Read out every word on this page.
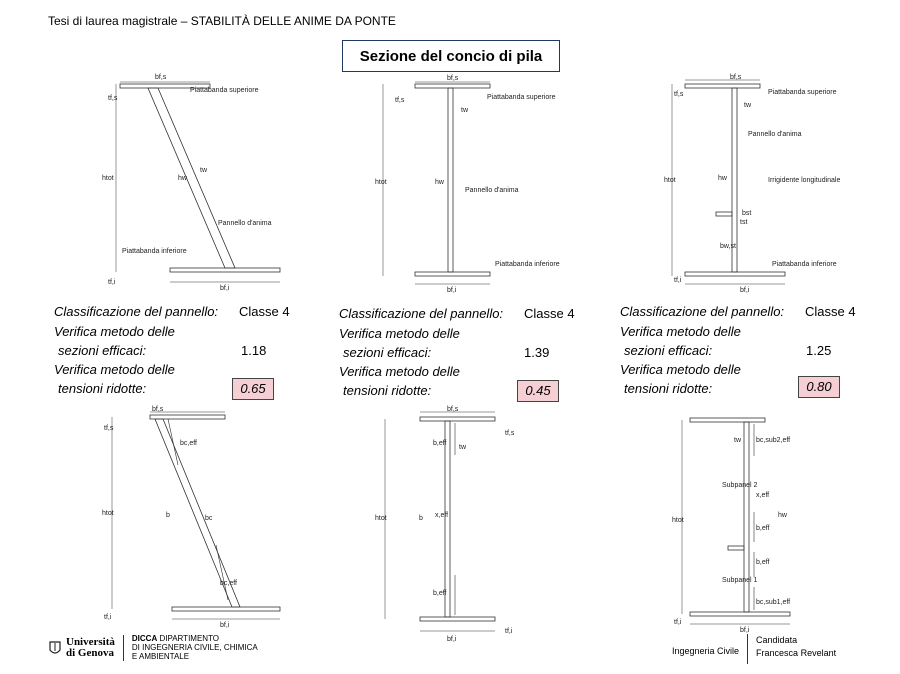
Tesi di laurea magistrale – STABILITÀ DELLE ANIME DA PONTE
Sezione del concio di pila
bf,s
tf,s
htot	hw
tw
Piattabanda superiore
Pannello d'anima
Piattabanda inferiore
tf,i
bf,i
bf,s
tf,s
htot	hw
tw
Piattabanda superiore
Pannello d'anima
Piattabanda inferiore
bf,i
bf,s
tf,s
htot	hw
tw
Piattabanda superiore
Pannello d'anima
Irrigidente longitudinale
bst
tst
bw,st
Piattabanda inferiore
tf,i
bf,i
Classificazione del pannello: Classe 4
Verifica metodo delle
sezioni efficaci:	1.18
Verifica metodo delle
tensioni ridotte:	0.65
Classificazione del pannello: Classe 4
Verifica metodo delle
sezioni efficaci:	1.39
Verifica metodo delle
tensioni ridotte:	0.45
Classificazione del pannello: Classe 4
Verifica metodo delle
sezioni efficaci:	1.25
Verifica metodo delle
tensioni ridotte:	0.80
bf,s
tf,s
htot
bc,eff
b	bc
bc,eff
tf,i
bf,i
bf,s
tf,s
htot
b,eff
tw
b x,eff
b,eff
tf,i
bf,i
htot
tw bc,sub2,eff
Subpanel 2
x,eff
hw
b,eff
b,eff
Subpanel 1
bc,sub1,eff
tf,i
bf,i
Università
di Genova
DICCA DIPARTIMENTO
DI INGEGNERIA CIVILE, CHIMICA
E AMBIENTALE
Ingegneria Civile
Candidata
Francesca Revelant
